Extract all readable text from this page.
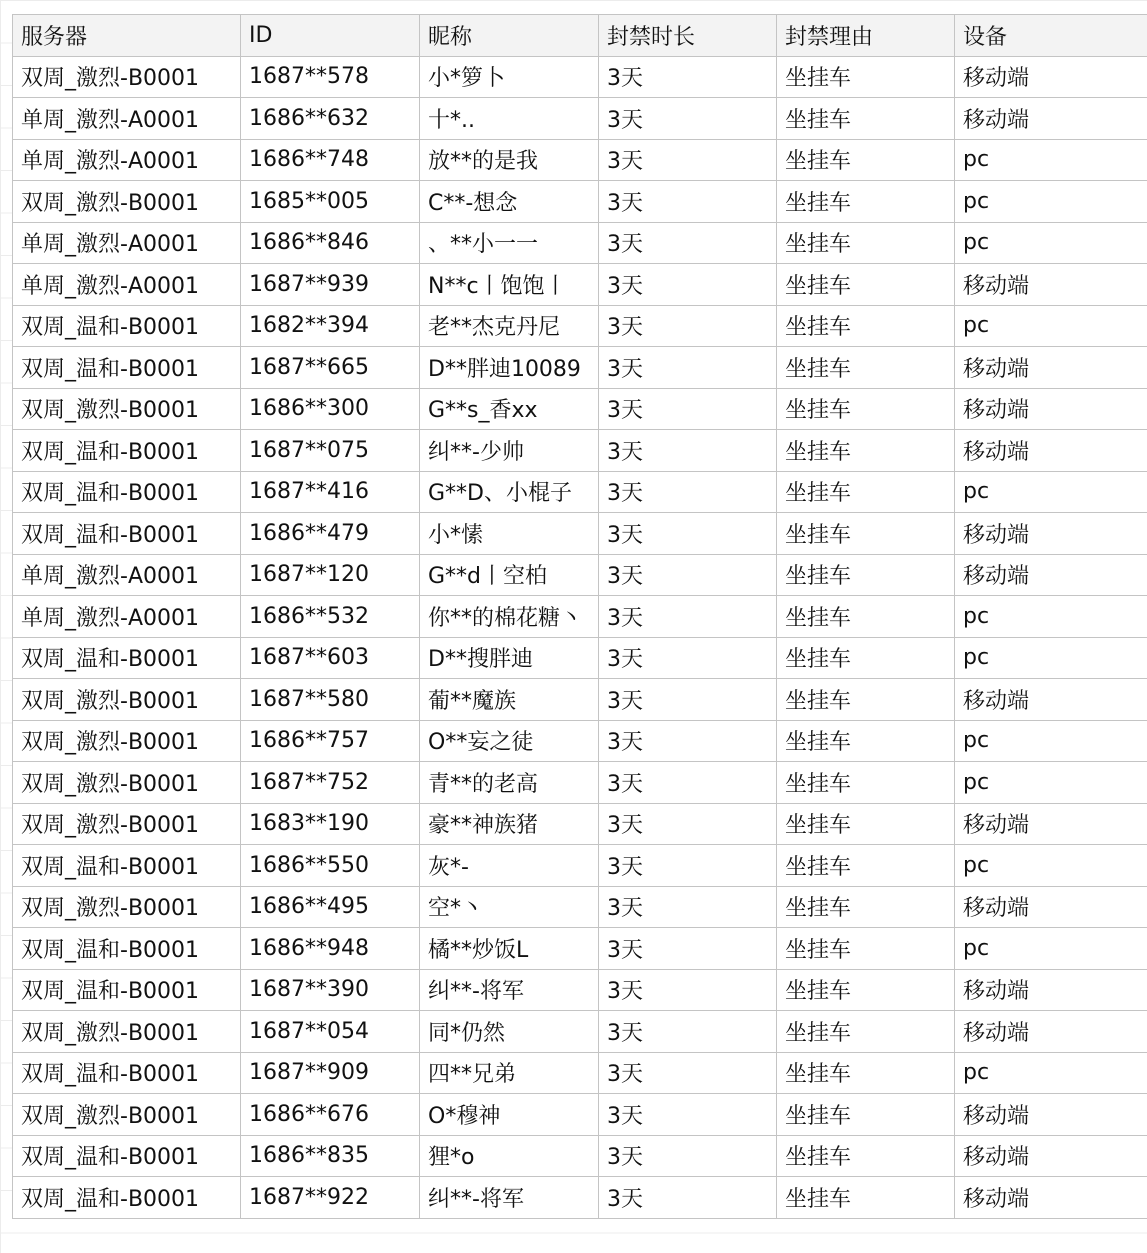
服务器	ID	昵称	封禁时长	封禁理由	设备
双周_激烈-B0001	1687**578	小*箩卜	3天	坐挂车	移动端
单周_激烈-A0001	1686**632	十*..	3天	坐挂车	移动端
单周_激烈-A0001	1686**748	放**的是我	3天	坐挂车	pc
双周_激烈-B0001	1685**005	C**-想念	3天	坐挂车	pc
单周_激烈-A0001	1686**846	、**小一一	3天	坐挂车	pc
单周_激烈-A0001	1687**939	N**c丨饱饱丨	3天	坐挂车	移动端
双周_温和-B0001	1682**394	老**杰克丹尼	3天	坐挂车	pc
双周_温和-B0001	1687**665	D**胖迪10089	3天	坐挂车	移动端
双周_激烈-B0001	1686**300	G**s_香xx	3天	坐挂车	移动端
双周_温和-B0001	1687**075	纠**-少帅	3天	坐挂车	移动端
双周_温和-B0001	1687**416	G**D、小棍子	3天	坐挂车	pc
双周_温和-B0001	1686**479	小*愫	3天	坐挂车	移动端
单周_激烈-A0001	1687**120	G**d丨空柏	3天	坐挂车	移动端
单周_激烈-A0001	1686**532	你**的棉花糖丶	3天	坐挂车	pc
双周_温和-B0001	1687**603	D**搜胖迪	3天	坐挂车	pc
双周_激烈-B0001	1687**580	葡**魔族	3天	坐挂车	移动端
双周_激烈-B0001	1686**757	O**妄之徒	3天	坐挂车	pc
双周_激烈-B0001	1687**752	青**的老高	3天	坐挂车	pc
双周_激烈-B0001	1683**190	豪**神族猪	3天	坐挂车	移动端
双周_温和-B0001	1686**550	灰*-	3天	坐挂车	pc
双周_激烈-B0001	1686**495	空*丶	3天	坐挂车	移动端
双周_温和-B0001	1686**948	橘**炒饭L	3天	坐挂车	pc
双周_温和-B0001	1687**390	纠**-将军	3天	坐挂车	移动端
双周_激烈-B0001	1687**054	同*仍然	3天	坐挂车	移动端
双周_温和-B0001	1687**909	四**兄弟	3天	坐挂车	pc
双周_激烈-B0001	1686**676	O*穆神	3天	坐挂车	移动端
双周_温和-B0001	1686**835	狸*o	3天	坐挂车	移动端
双周_温和-B0001	1687**922	纠**-将军	3天	坐挂车	移动端
